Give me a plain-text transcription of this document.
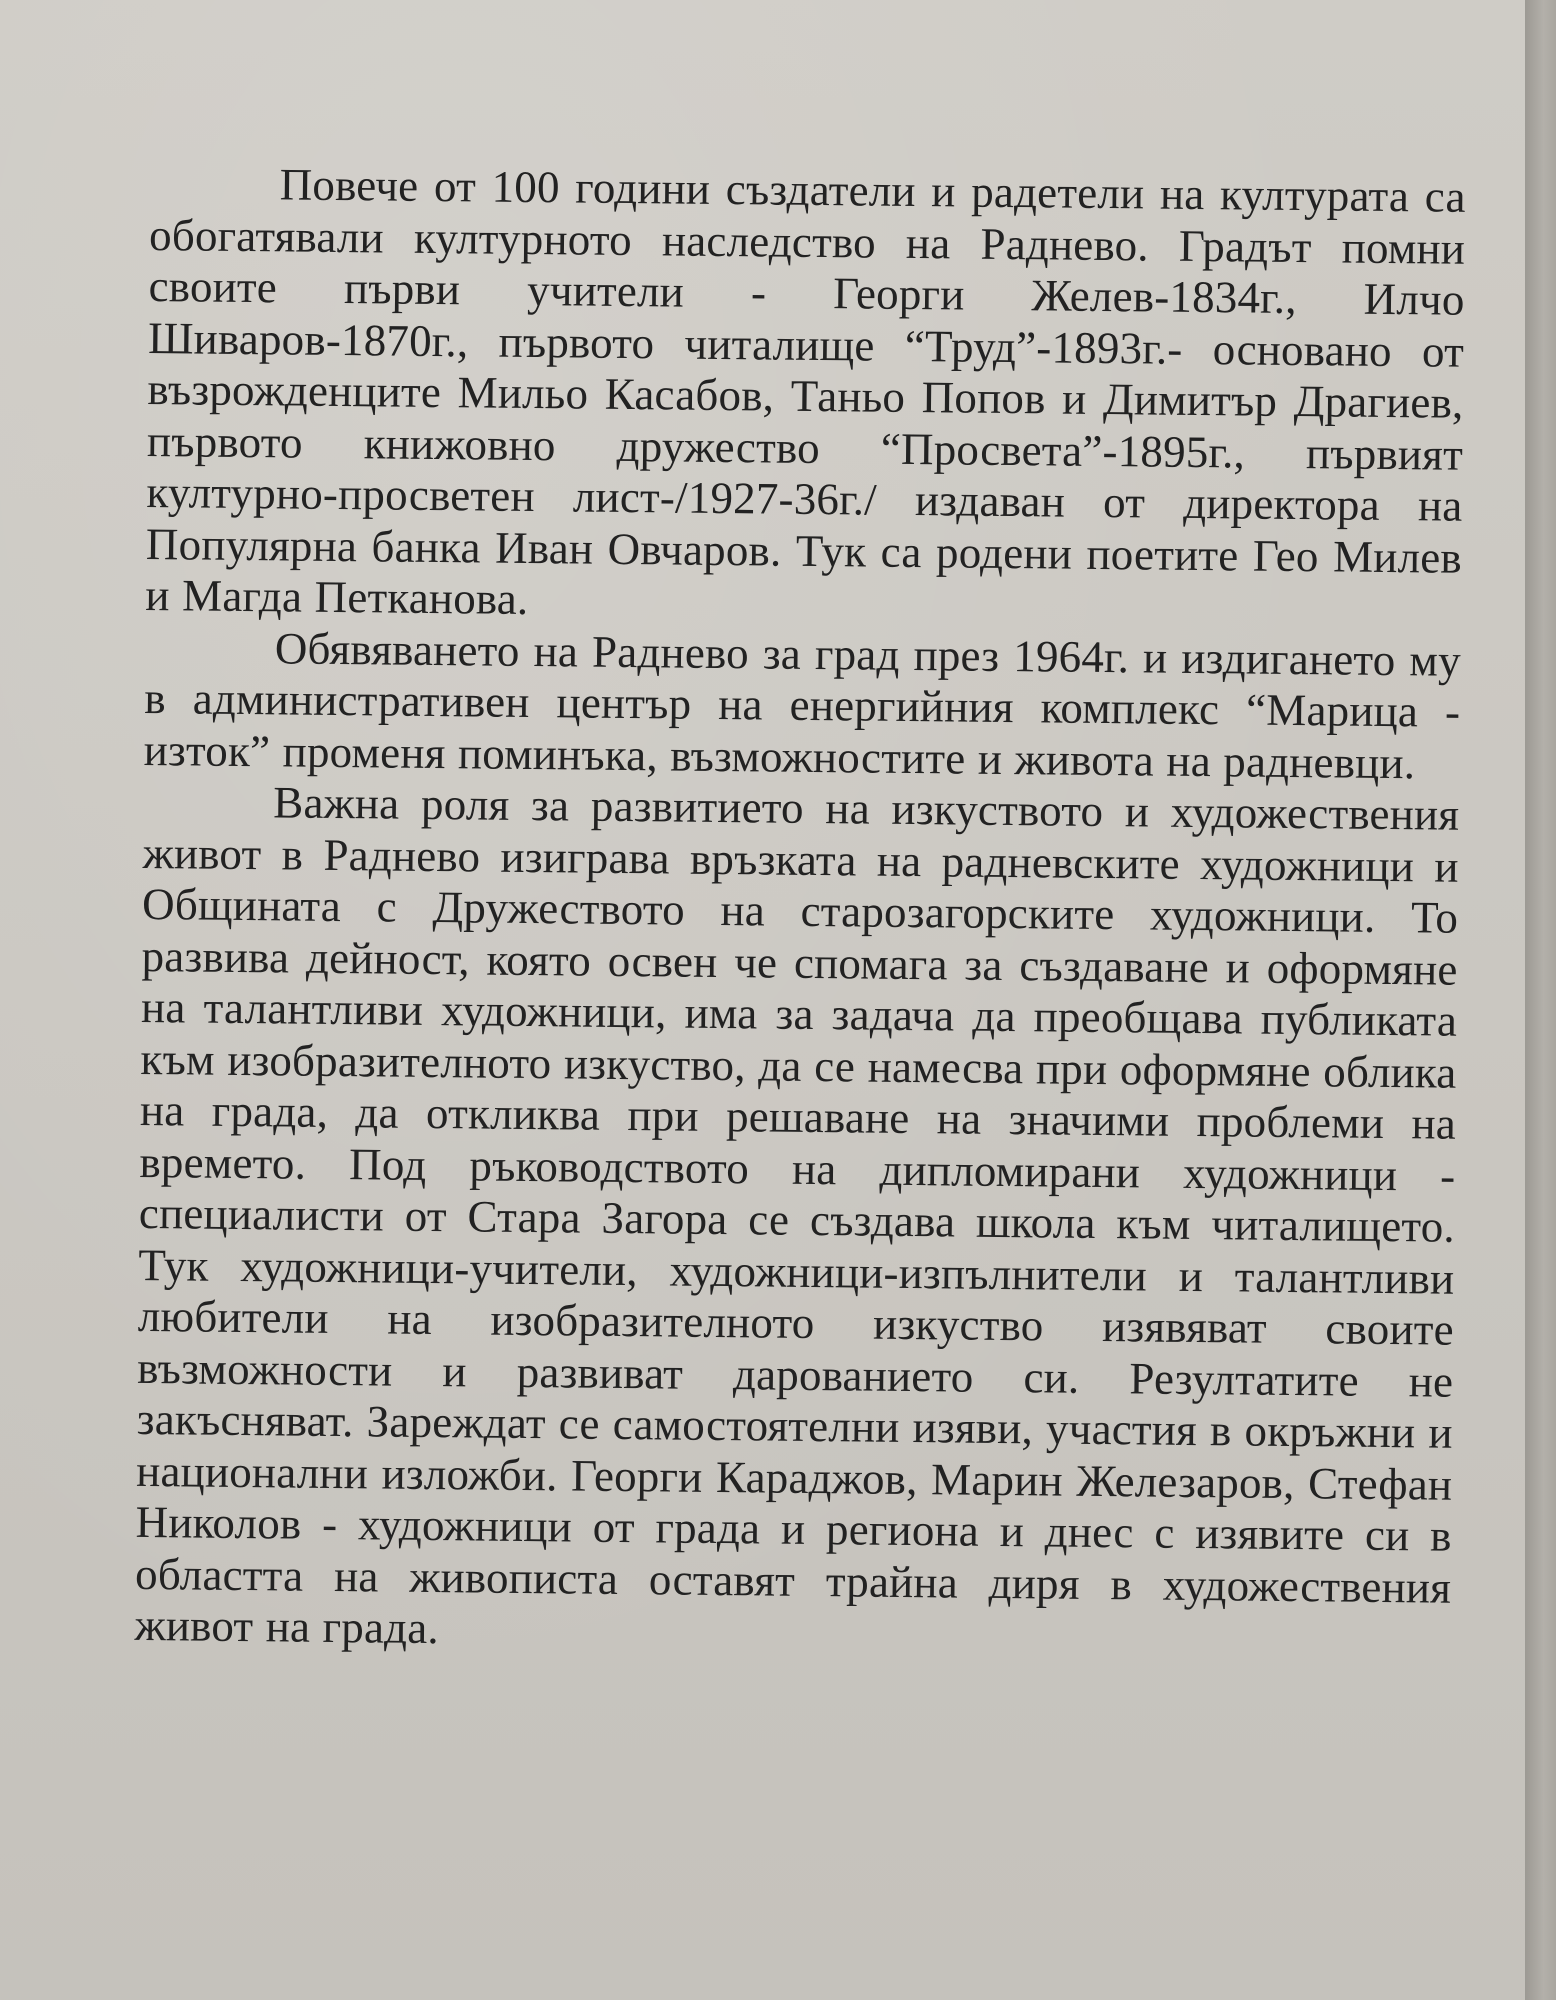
Повече от 100 години създатели и радетели на културата са обогатявали културното наследство на Раднево. Градът помни своите първи учители - Георги Желев-1834г., Илчо Шиваров-1870г., първото читалище “Труд”-1893г.- основано от възрожденците Мильо Касабов, Таньо Попов и Димитър Драгиев, първото книжовно дружество “Просвета”-1895г., първият културно-просветен лист-/1927-36г./ издаван от директора на Популярна банка Иван Овчаров. Тук са родени поетите Гео Милев и Магда Петканова.

Обявяването на Раднево за град през 1964г. и издигането му в административен център на енергийния комплекс “Марица - изток” променя поминъка, възможностите и живота на радневци.

Важна роля за развитието на изкуството и художествения живот в Раднево изиграва връзката на радневските художници и Общината с Дружеството на старозагорските художници. То развива дейност, която освен че спомага за създаване и оформяне на талантливи художници, има за задача да преобщава публиката към изобразителното изкуство, да се намесва при оформяне облика на града, да откликва при решаване на значими проблеми на времето. Под ръководството на дипломирани художници - специалисти от Стара Загора се създава школа към читалището. Тук художници-учители, художници-изпълнители и талантливи любители на изобразителното изкуство изявяват своите възможности и развиват дарованието си. Резултатите не закъсняват. Зареждат се самостоятелни изяви, участия в окръжни и национални изложби. Георги Караджов, Марин Железаров, Стефан Николов - художници от града и региона и днес с изявите си в областта на живописта оставят трайна диря в художествения живот на града.
